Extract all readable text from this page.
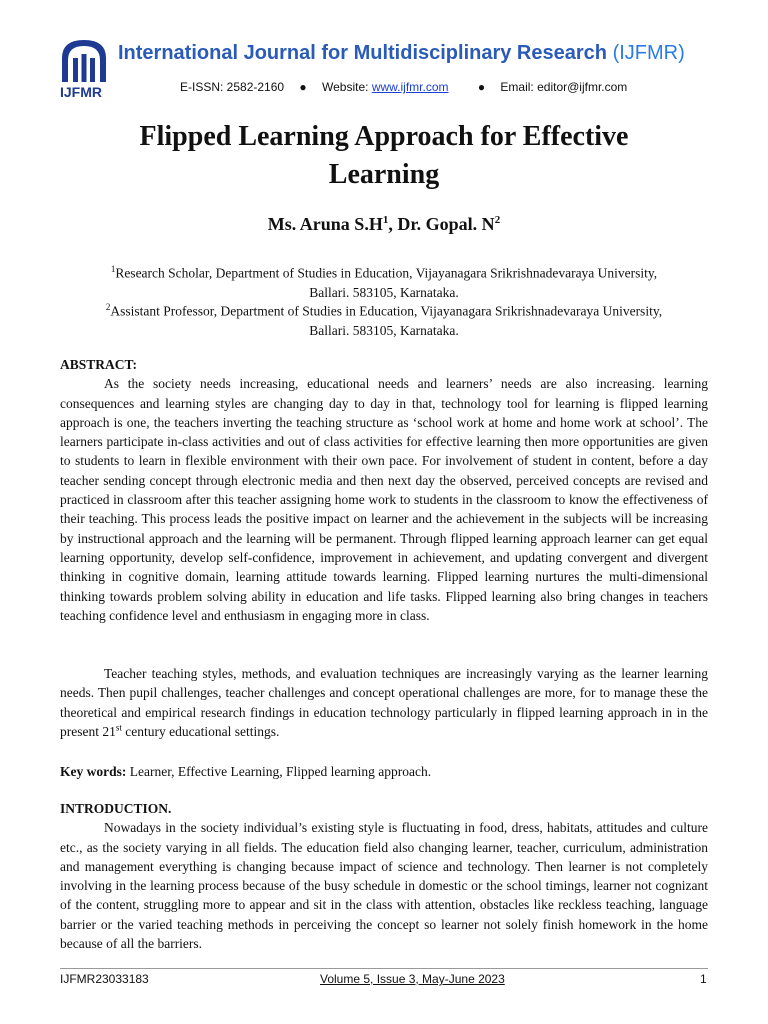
IJFMR
International Journal for Multidisciplinary Research (IJFMR)
E-ISSN: 2582-2160 ● Website: www.ijfmr.com ● Email: editor@ijfmr.com
Flipped Learning Approach for Effective
Learning
Ms. Aruna $S.H^1$, Dr. Gopal. $N^2$
$^1$Research Scholar, Department of Studies in Education, Vijayanagara Srikrishnadevaraya University,
Ballari. 583105, Karnataka.
$^2$Assistant Professor, Department of Studies in Education, Vijayanagara Srikrishnadevaraya University,
Ballari. 583105, Karnataka.
ABSTRACT:
As the society needs increasing, educational needs and learners’ needs are also increasing. learning consequences and learning styles are changing day to day in that, technology tool for learning is flipped learning approach is one, the teachers inverting the teaching structure as ‘school work at home and home work at school’. The learners participate in-class activities and out of class activities for effective learning then more opportunities are given to students to learn in flexible environment with their own pace. For involvement of student in content, before a day teacher sending concept through electronic media and then next day the observed, perceived concepts are revised and practiced in classroom after this teacher assigning home work to students in the classroom to know the effectiveness of their teaching. This process leads the positive impact on learner and the achievement in the subjects will be increasing by instructional approach and the learning will be permanent. Through flipped learning approach learner can get equal learning opportunity, develop self-confidence, improvement in achievement, and updating convergent and divergent thinking in cognitive domain, learning attitude towards learning. Flipped learning nurtures the multi-dimensional thinking towards problem solving ability in education and life tasks. Flipped learning also bring changes in teachers teaching confidence level and enthusiasm in engaging more in class.
Teacher teaching styles, methods, and evaluation techniques are increasingly varying as the learner learning needs. Then pupil challenges, teacher challenges and concept operational challenges are more, for to manage these the theoretical and empirical research findings in education technology particularly in flipped learning approach in in the present 21st century educational settings.
Key words: Learner, Effective Learning, Flipped learning approach.
INTRODUCTION.
Nowadays in the society individual’s existing style is fluctuating in food, dress, habitats, attitudes and culture etc., as the society varying in all fields. The education field also changing learner, teacher, curriculum, administration and management everything is changing because impact of science and technology. Then learner is not completely involving in the learning process because of the busy schedule in domestic or the school timings, learner not cognizant of the content, struggling more to appear and sit in the class with attention, obstacles like reckless teaching, language barrier or the varied teaching methods in perceiving the concept so learner not solely finish homework in the home because of all the barriers.
IJFMR23033183	Volume 5, Issue 3, May-June 2023	1
